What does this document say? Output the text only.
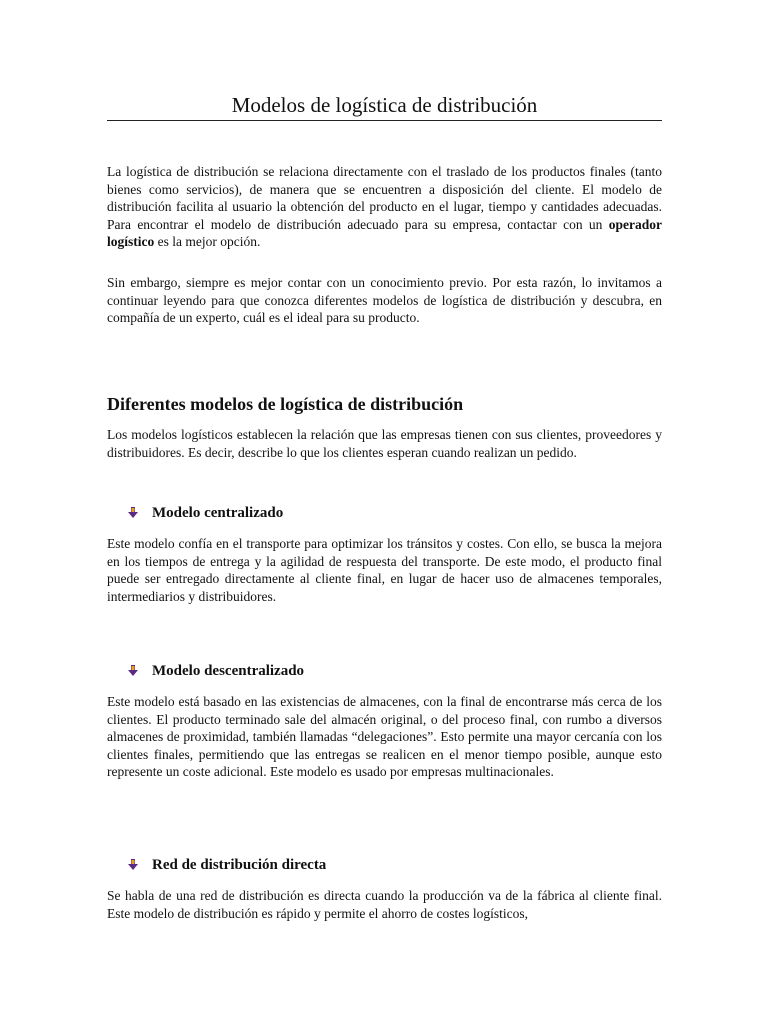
Modelos de logística de distribución

La logística de distribución se relaciona directamente con el traslado de los productos finales (tanto bienes como servicios), de manera que se encuentren a disposición del cliente. El modelo de distribución facilita al usuario la obtención del producto en el lugar, tiempo y cantidades adecuadas. Para encontrar el modelo de distribución adecuado para su empresa, contactar con un operador logístico es la mejor opción.

Sin embargo, siempre es mejor contar con un conocimiento previo. Por esta razón, lo invitamos a continuar leyendo para que conozca diferentes modelos de logística de distribución y descubra, en compañía de un experto, cuál es el ideal para su producto.

Diferentes modelos de logística de distribución

Los modelos logísticos establecen la relación que las empresas tienen con sus clientes, proveedores y distribuidores. Es decir, describe lo que los clientes esperan cuando realizan un pedido.

Modelo centralizado

Este modelo confía en el transporte para optimizar los tránsitos y costes. Con ello, se busca la mejora en los tiempos de entrega y la agilidad de respuesta del transporte. De este modo, el producto final puede ser entregado directamente al cliente final, en lugar de hacer uso de almacenes temporales, intermediarios y distribuidores.

Modelo descentralizado

Este modelo está basado en las existencias de almacenes, con la final de encontrarse más cerca de los clientes. El producto terminado sale del almacén original, o del proceso final, con rumbo a diversos almacenes de proximidad, también llamadas “delegaciones”. Esto permite una mayor cercanía con los clientes finales, permitiendo que las entregas se realicen en el menor tiempo posible, aunque esto represente un coste adicional. Este modelo es usado por empresas multinacionales.

Red de distribución directa

Se habla de una red de distribución es directa cuando la producción va de la fábrica al cliente final. Este modelo de distribución es rápido y permite el ahorro de costes logísticos,
